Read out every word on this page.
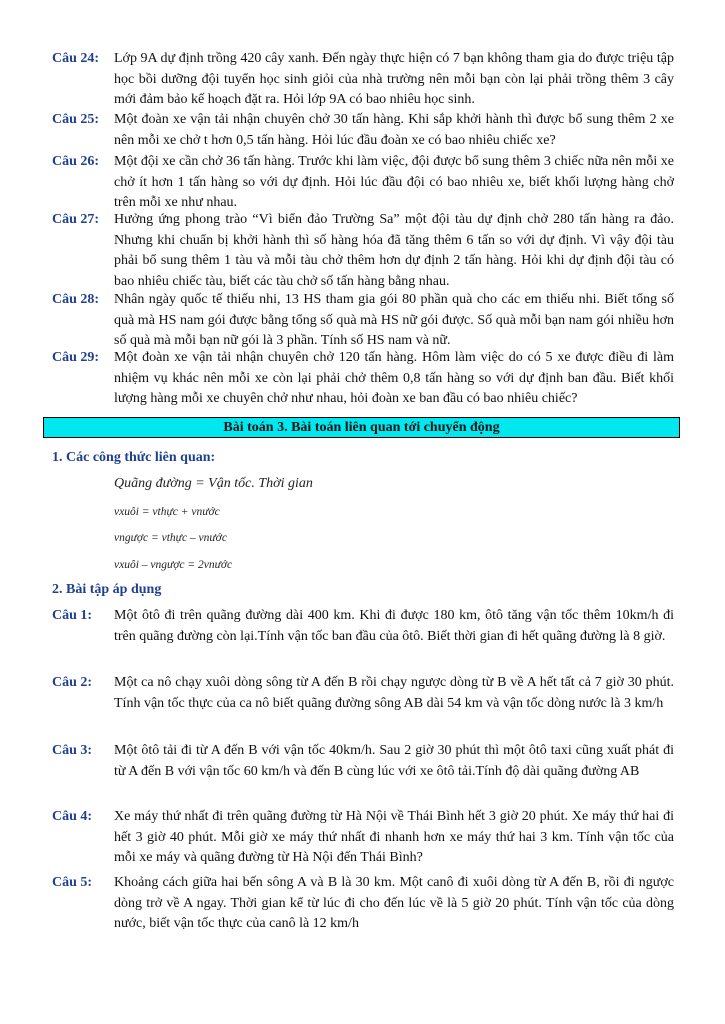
Câu 24:	Lớp 9A dự định trồng 420 cây xanh. Đến ngày thực hiện có 7 bạn không tham gia do được triệu tập học bồi dưỡng đội tuyển học sinh giỏi của nhà trường nên mỗi bạn còn lại phải trồng thêm 3 cây mới đảm bảo kế hoạch đặt ra. Hỏi lớp 9A có bao nhiêu học sinh.
Câu 25:	Một đoàn xe vận tải nhận chuyên chở 30 tấn hàng. Khi sắp khởi hành thì được bổ sung thêm 2 xe nên mỗi xe chở t hơn 0,5 tấn hàng. Hỏi lúc đầu đoàn xe có bao nhiêu chiếc xe?
Câu 26:	Một đội xe cần chở 36 tấn hàng. Trước khi làm việc, đội được bổ sung thêm 3 chiếc nữa nên mỗi xe chở ít hơn 1 tấn hàng so với dự định. Hỏi lúc đầu đội có bao nhiêu xe, biết khối lượng hàng chở trên mỗi xe như nhau.
Câu 27:	Hưởng ứng phong trào “Vì biển đảo Trường Sa” một đội tàu dự định chở 280 tấn hàng ra đảo. Nhưng khi chuẩn bị khởi hành thì số hàng hóa đã tăng thêm 6 tấn so với dự định. Vì vậy đội tàu phải bổ sung thêm 1 tàu và mỗi tàu chở thêm hơn dự định 2 tấn hàng. Hỏi khi dự định đội tàu có bao nhiêu chiếc tàu, biết các tàu chở số tấn hàng bằng nhau.
Câu 28:	Nhân ngày quốc tế thiếu nhi, 13 HS tham gia gói 80 phần quà cho các em thiếu nhi. Biết tổng số quà mà HS nam gói được bằng tổng số quà mà HS nữ gói được. Số quà mỗi bạn nam gói nhiều hơn số quà mà mỗi bạn nữ gói là 3 phần. Tính số HS nam và nữ.
Câu 29:	Một đoàn xe vận tải nhận chuyên chở 120 tấn hàng. Hôm làm việc do có 5 xe được điều đi làm nhiệm vụ khác nên mỗi xe còn lại phải chở thêm 0,8 tấn hàng so với dự định ban đầu. Biết khối lượng hàng mỗi xe chuyên chở như nhau, hỏi đoàn xe ban đầu có bao nhiêu chiếc?
Bài toán 3. Bài toán liên quan tới chuyển động
1. Các công thức liên quan:
Quãng đường = Vận tốc. Thời gian
vxuôi = vthực + vnước
vngược = vthực – vnước
vxuôi – vngược = 2vnước
2. Bài tập áp dụng
Câu 1:	Một ôtô đi trên quãng đường dài 400 km. Khi đi được 180 km, ôtô tăng vận tốc thêm 10km/h đi trên quãng đường còn lại.Tính vận tốc ban đầu của ôtô. Biết thời gian đi hết quãng đường là 8 giờ.
Câu 2:	Một ca nô chạy xuôi dòng sông từ A đến B rồi chạy ngược dòng từ B về A hết tất cả 7 giờ 30 phút. Tính vận tốc thực của ca nô biết quãng đường sông AB dài 54 km và vận tốc dòng nước là 3 km/h
Câu 3:	Một ôtô tải đi từ A đến B với vận tốc 40km/h. Sau 2 giờ 30 phút thì một ôtô taxi cũng xuất phát đi từ A đến B với vận tốc 60 km/h và đến B cùng lúc với xe ôtô tải.Tính độ dài quãng đường AB
Câu 4:	Xe máy thứ nhất đi trên quãng đường từ Hà Nội về Thái Bình hết 3 giờ 20 phút. Xe máy thứ hai đi hết 3 giờ 40 phút. Mỗi giờ xe máy thứ nhất đi nhanh hơn xe máy thứ hai 3 km. Tính vận tốc của mỗi xe máy và quãng đường từ Hà Nội đến Thái Bình?
Câu 5:	Khoảng cách giữa hai bến sông A và B là 30 km. Một canô đi xuôi dòng từ A đến B, rồi đi ngược dòng trở về A ngay. Thời gian kể từ lúc đi cho đến lúc về là 5 giờ 20 phút. Tính vận tốc của dòng nước, biết vận tốc thực của canô là 12 km/h
